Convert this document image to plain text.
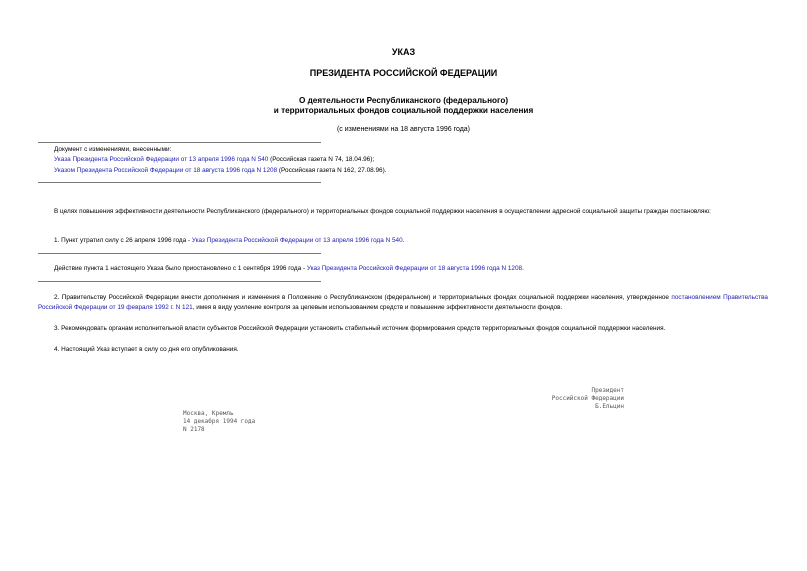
УКАЗ
ПРЕЗИДЕНТА РОССИЙСКОЙ ФЕДЕРАЦИИ
О деятельности Республиканского (федерального)
и территориальных фондов социальной поддержки населения
(с изменениями на 18 августа 1996 года)
Документ с изменениями, внесенными:
Указа Президента Российской Федерации от 13 апреля 1996 года N 540 (Российская газета N 74, 18.04.96);
Указом Президента Российской Федерации от 18 августа 1996 года N 1208 (Российская газета N 162, 27.08.96).
В целях повышения эффективности деятельности Республиканского (федерального) и территориальных фондов социальной поддержки населения в осуществлении адресной социальной защиты граждан постановляю:
1. Пункт утратил силу с 26 апреля 1996 года - Указ Президента Российской Федерации от 13 апреля 1996 года N 540.
Действие пункта 1 настоящего Указа было приостановлено с 1 сентября 1996 года - Указ Президента Российской Федерации от 18 августа 1996 года N 1208.
2. Правительству Российской Федерации внести дополнения и изменения в Положение о Республиканском (федеральном) и территориальных фондах социальной поддержки населения, утвержденное постановлением Правительства Российской Федерации от 19 февраля 1992 г. N 121, имея в виду усиление контроля за целевым использованием средств и повышение эффективности деятельности фондов.
3. Рекомендовать органам исполнительной власти субъектов Российской Федерации установить стабильный источник формирования средств территориальных фондов социальной поддержки населения.
4. Настоящий Указ вступает в силу со дня его опубликования.
Президент
Российской Федерации
Б.Ельцин
Москва, Кремль
14 декабря 1994 года
N 2178
